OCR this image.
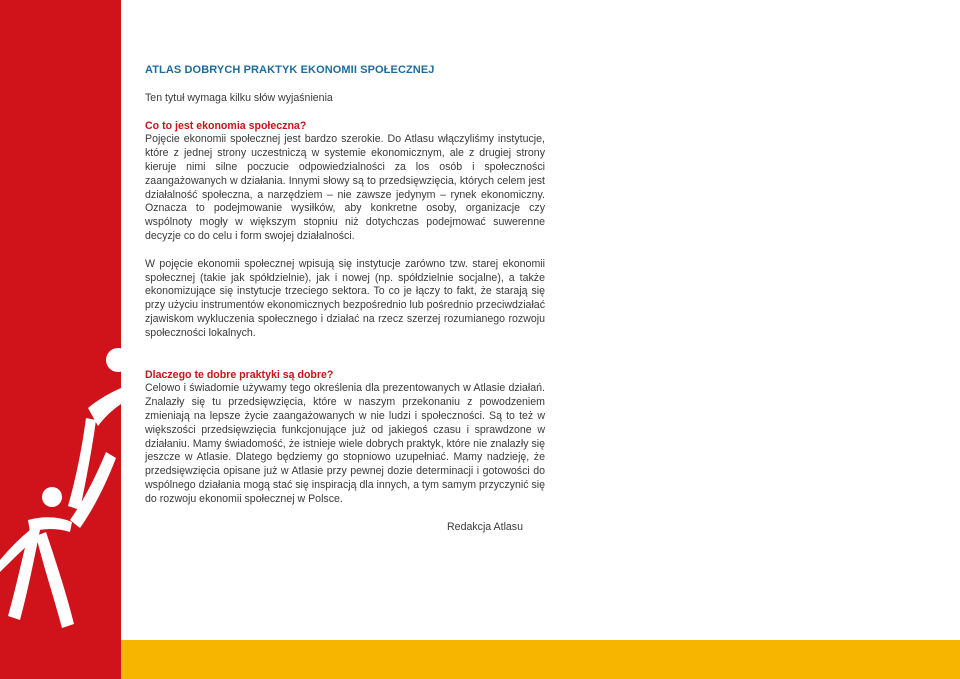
ATLAS DOBRYCH PRAKTYK EKONOMII SPOŁECZNEJ
Ten tytuł wymaga kilku słów wyjaśnienia
Co to jest ekonomia społeczna?

Pojęcie ekonomii społecznej jest bardzo szerokie. Do Atlasu włączyliśmy instytucje, które z jednej strony uczestniczą w systemie ekonomicznym, ale z drugiej strony kieruje nimi silne poczucie odpowiedzialności za los osób i społeczności zaangażowanych w działania. Innymi słowy są to przedsięwzięcia, których celem jest działalność społeczna, a narzędziem – nie zawsze jedynym – rynek ekonomiczny. Oznacza to podejmowanie wysiłków, aby konkretne osoby, organizacje czy wspólnoty mogły w większym stopniu niż dotychczas podejmować suwerenne decyzje co do celu i form swojej działalności.

W pojęcie ekonomii społecznej wpisują się instytucje zarówno tzw. starej ekonomii społecznej (takie jak spółdzielnie), jak i nowej (np. spółdzielnie socjalne), a także ekonomizujące się instytucje trzeciego sektora. To co je łączy to fakt, że starają się przy użyciu instrumentów ekonomicznych bezpośrednio lub pośrednio przeciwdziałać zjawiskom wykluczenia społecznego i działać na rzecz szerzej rozumianego rozwoju społeczności lokalnych.

Dlaczego te dobre praktyki są dobre?

Celowo i świadomie używamy tego określenia dla prezentowanych w Atlasie działań. Znalazły się tu przedsięwzięcia, które w naszym przekonaniu z powodzeniem zmieniają na lepsze życie zaangażowanych w nie ludzi i społeczności. Są to też w większości przedsięwzięcia funkcjonujące już od jakiegoś czasu i sprawdzone w działaniu. Mamy świadomość, że istnieje wiele dobrych praktyk, które nie znalazły się jeszcze w Atlasie. Dlatego będziemy go stopniowo uzupełniać. Mamy nadzieję, że przedsięwzięcia opisane już w Atlasie przy pewnej dozie determinacji i gotowości do wspólnego działania mogą stać się inspiracją dla innych, a tym samym przyczynić się do rozwoju ekonomii społecznej w Polsce.

Redakcja Atlasu
